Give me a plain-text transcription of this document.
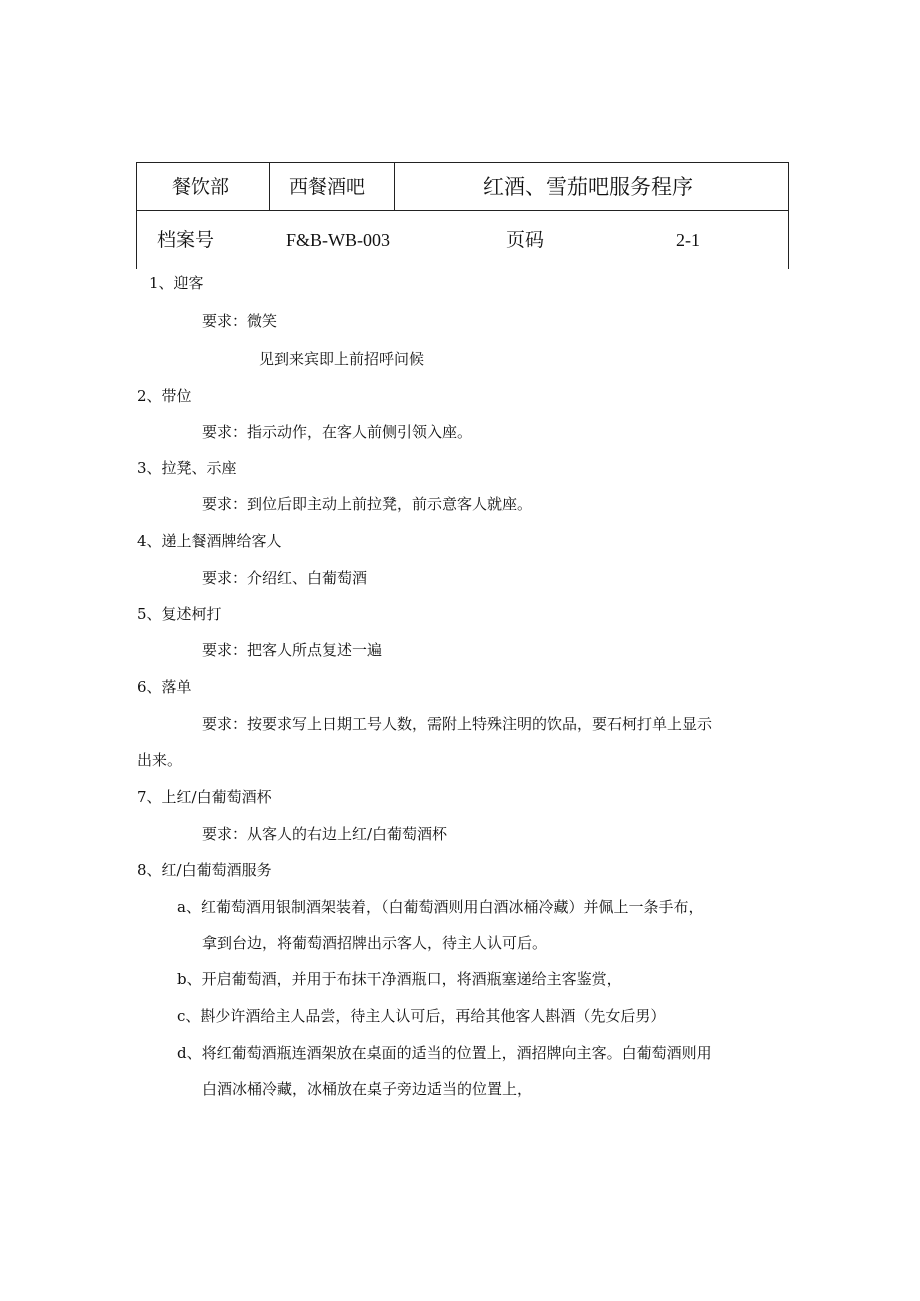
餐饮部	西餐酒吧	红酒、雪茄吧服务程序
档案号	F&B-WB-003	页码	2-1
1、迎客
要求：微笑
见到来宾即上前招呼问候
2、带位
要求：指示动作，在客人前侧引领入座。
3、拉凳、示座
要求：到位后即主动上前拉凳，前示意客人就座。
4、递上餐酒牌给客人
要求：介绍红、白葡萄酒
5、复述柯打
要求：把客人所点复述一遍
6、落单
要求：按要求写上日期工号人数，需附上特殊注明的饮品，要石柯打单上显示
出来。
7、上红/白葡萄酒杯
要求：从客人的右边上红/白葡萄酒杯
8、红/白葡萄酒服务
a、红葡萄酒用银制酒架装着，（白葡萄酒则用白酒冰桶冷藏）并佩上一条手布，
拿到台边，将葡萄酒招牌出示客人，待主人认可后。
b、开启葡萄酒，并用于布抹干净酒瓶口，将酒瓶塞递给主客鉴赏，
c、斟少许酒给主人品尝，待主人认可后，再给其他客人斟酒（先女后男）
d、将红葡萄酒瓶连酒架放在桌面的适当的位置上，酒招牌向主客。白葡萄酒则用
白酒冰桶冷藏，冰桶放在桌子旁边适当的位置上，
